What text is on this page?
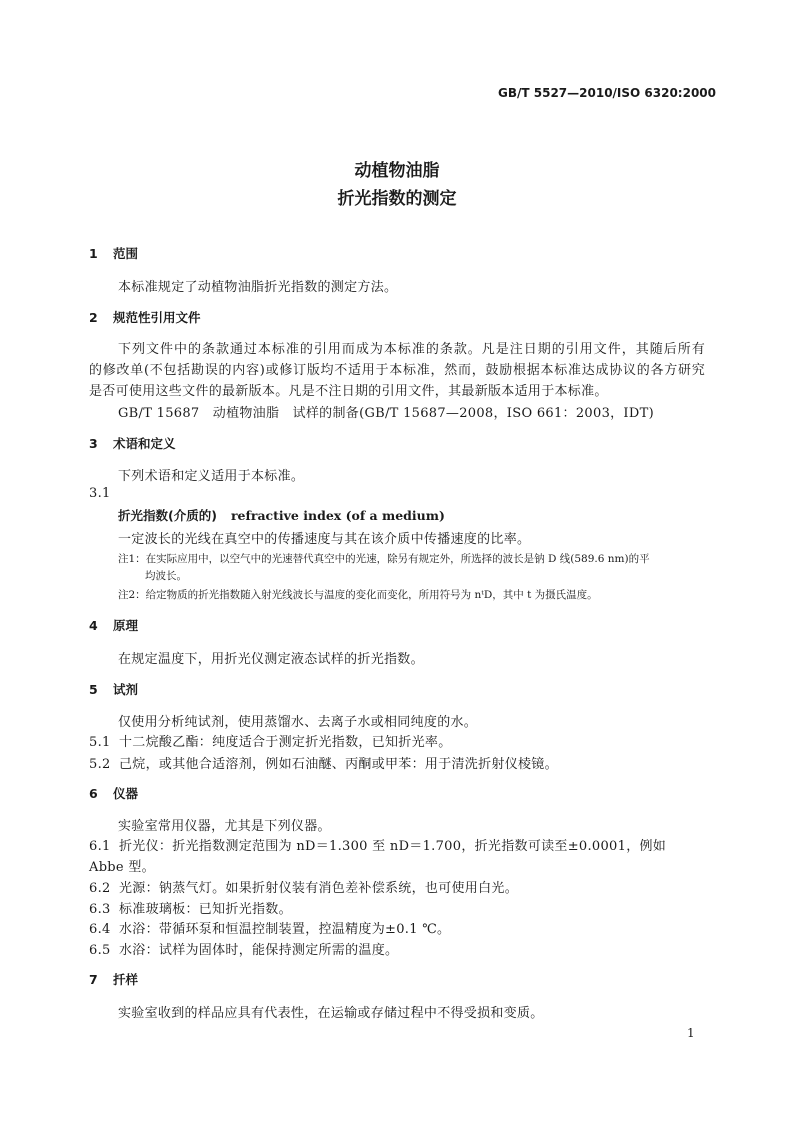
GB/T 5527—2010/ISO 6320:2000
动植物油脂
折光指数的测定
1 范围
本标准规定了动植物油脂折光指数的测定方法。
2 规范性引用文件
下列文件中的条款通过本标准的引用而成为本标准的条款。凡是注日期的引用文件，其随后所有
的修改单(不包括勘误的内容)或修订版均不适用于本标准，然而，鼓励根据本标准达成协议的各方研究
是否可使用这些文件的最新版本。凡是不注日期的引用文件，其最新版本适用于本标准。
GB/T 15687　动植物油脂　试样的制备(GB/T 15687—2008，ISO 661：2003，IDT)
3 术语和定义
下列术语和定义适用于本标准。
3.1
折光指数(介质的) refractive index (of a medium)
一定波长的光线在真空中的传播速度与其在该介质中传播速度的比率。
注1：在实际应用中，以空气中的光速替代真空中的光速，除另有规定外，所选择的波长是钠 D 线(589.6 nm)的平
均波长。
注2：给定物质的折光指数随入射光线波长与温度的变化而变化，所用符号为 nᵗD，其中 t 为摄氏温度。
4 原理
在规定温度下，用折光仪测定液态试样的折光指数。
5 试剂
仅使用分析纯试剂，使用蒸馏水、去离子水或相同纯度的水。
5.1 十二烷酸乙酯：纯度适合于测定折光指数，已知折光率。
5.2 己烷，或其他合适溶剂，例如石油醚、丙酮或甲苯：用于清洗折射仪棱镜。
6 仪器
实验室常用仪器，尤其是下列仪器。
6.1 折光仪：折光指数测定范围为 nD＝1.300 至 nD＝1.700，折光指数可读至±0.0001，例如
Abbe 型。
6.2 光源：钠蒸气灯。如果折射仪装有消色差补偿系统，也可使用白光。
6.3 标准玻璃板：已知折光指数。
6.4 水浴：带循环泵和恒温控制装置，控温精度为±0.1 ℃。
6.5 水浴：试样为固体时，能保持测定所需的温度。
7 扦样
实验室收到的样品应具有代表性，在运输或存储过程中不得受损和变质。
1
